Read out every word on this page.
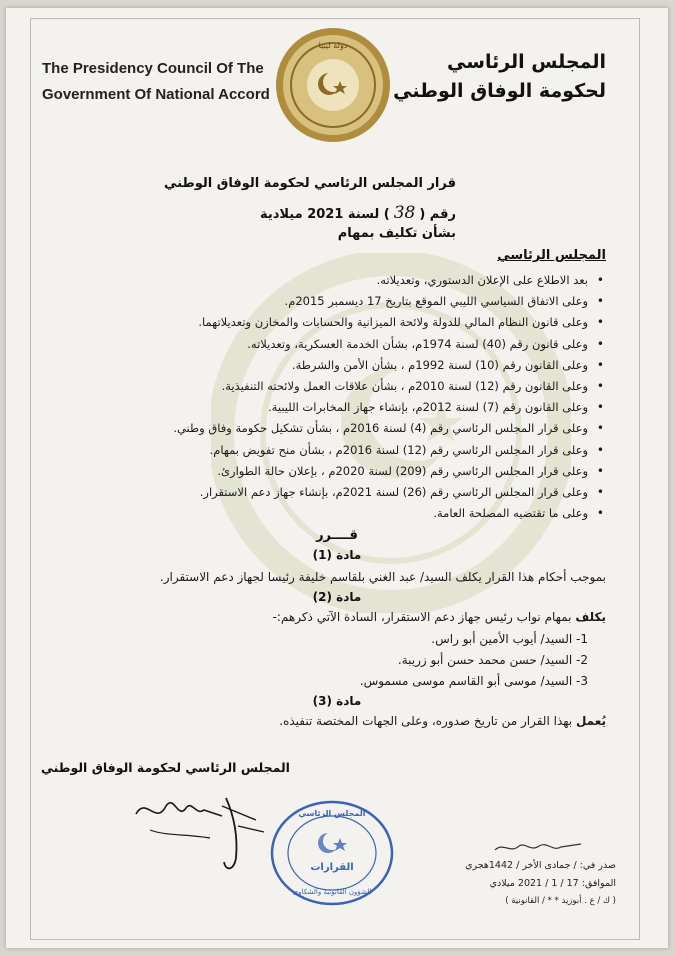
The Presidency Council Of The
Government Of National Accord
دولة ليبيا
المجلس الرئاسي
لحكومة الوفاق الوطني
قرار المجلس الرئاسي لحكومة الوفاق الوطني
رقم (38) لسنة 2021 ميلادية
بشأن تكليف بمهام
المجلس الرئاسي
• بعد الاطلاع على الإعلان الدستوري، وتعديلاته.
• وعلى الاتفاق السياسي الليبي الموقع بتاريخ 17 ديسمبر 2015م.
• وعلى قانون النظام المالي للدولة ولائحة الميزانية والحسابات والمخازن وتعديلاتهما.
• وعلى قانون رقم (40) لسنة 1974م، بشأن الخدمة العسكرية، وتعديلاته.
• وعلى القانون رقم (10) لسنة 1992م ، بشأن الأمن والشرطة.
• وعلى القانون رقم (12) لسنة 2010م ، بشأن علاقات العمل ولائحته التنفيذية.
• وعلى القانون رقم (7) لسنة 2012م، بإنشاء جهاز المخابرات الليبية.
• وعلى قرار المجلس الرئاسي رقم (4) لسنة 2016م ، بشأن تشكيل حكومة وفاق وطني.
• وعلى قرار المجلس الرئاسي رقم (12) لسنة 2016م ، بشأن منح تفويض بمهام.
• وعلى قرار المجلس الرئاسي رقم (209) لسنة 2020م ، بإعلان حالة الطوارئ.
• وعلى قرار المجلس الرئاسي رقم (26) لسنة 2021م، بإنشاء جهاز دعم الاستقرار.
• وعلى ما تقتضيه المصلحة العامة.
قــــرر
مادة (1)
بموجب أحكام هذا القرار يكلف السيد/ عبد الغني بلقاسم خليفة رئيسا لجهاز دعم الاستقرار.
مادة (2)
يكلف بمهام نواب رئيس جهاز دعم الاستقرار، السادة الآتي ذكرهم:-
1- السيد/ أيوب الأمين أبو راس.
2- السيد/ حسن محمد حسن أبو زريبة.
3- السيد/ موسى أبو القاسم موسى مسموس.
مادة (3)
يُعمل بهذا القرار من تاريخ صدوره، وعلى الجهات المختصة تنفيذه.
المجلس الرئاسي لحكومة الوفاق الوطني
المجلس الرئاسي
القرارات
الشؤون القانونية والشكاوى
صدر في: / جمادى الأخر / 1442هجري
الموافق: 17 / 1 / 2021 ميلادي
( ك / ع . أبوزيد * * / القانونية )
